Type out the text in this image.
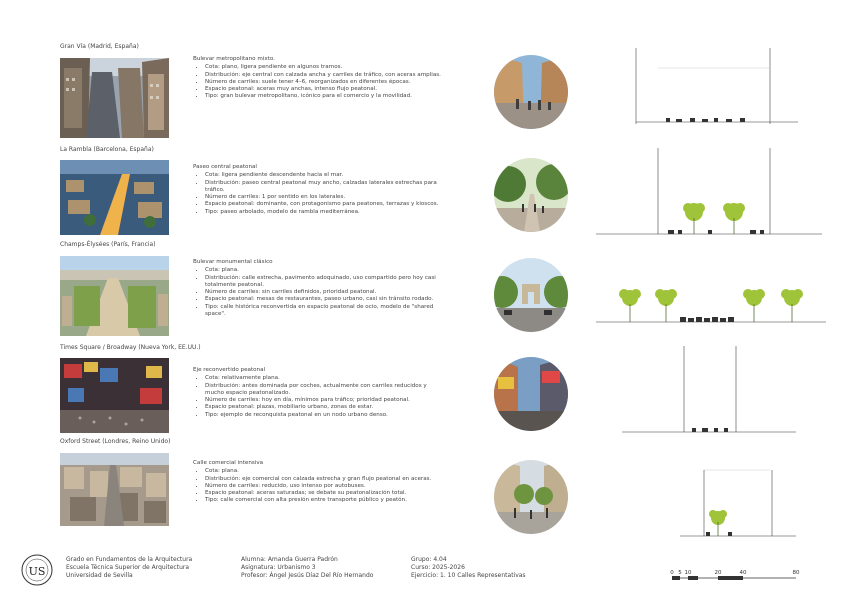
Gran Vía (Madrid, España)
Bulevar metropolitano mixto.
• Cota: plano, ligera pendiente en algunos tramos.
• Distribución: eje central con calzada ancha y carriles de tráfico, con aceras amplias.
• Número de carriles: suele tener 4–6, reorganizados en diferentes épocas.
• Espacio peatonal: aceras muy anchas, intenso flujo peatonal.
• Tipo: gran bulevar metropolitano, icónico para el comercio y la movilidad.
La Rambla (Barcelona, España)
Paseo central peatonal
• Cota: ligera pendiente descendente hacia el mar.
• Distribución: paseo central peatonal muy ancho, calzadas laterales estrechas para tráfico.
• Número de carriles: 1 por sentido en los laterales.
• Espacio peatonal: dominante, con protagonismo para peatones, terrazas y kioscos.
• Tipo: paseo arbolado, modelo de rambla mediterránea.
Champs-Élysées (París, Francia)
Bulevar monumental clásico
• Cota: plana.
• Distribución: calle estrecha, pavimento adoquinado, uso compartido pero hoy casi totalmente peatonal.
• Número de carriles: sin carriles definidos, prioridad peatonal.
• Espacio peatonal: mesas de restaurantes, paseo urbano, casi sin tránsito rodado.
• Tipo: calle histórica reconvertida en espacio peatonal de ocio, modelo de "shared space".
Times Square / Broadway (Nueva York, EE.UU.)
Eje reconvertido peatonal
• Cota: relativamente plana.
• Distribución: antes dominada por coches, actualmente con carriles reducidos y mucho espacio peatonalizado.
• Número de carriles: hoy en día, mínimos para tráfico; prioridad peatonal.
• Espacio peatonal: plazas, mobiliario urbano, zonas de estar.
• Tipo: ejemplo de reconquista peatonal en un nodo urbano denso.
Oxford Street (Londres, Reino Unido)
Calle comercial intensiva
• Cota: plana.
• Distribución: eje comercial con calzada estrecha y gran flujo peatonal en aceras.
• Número de carriles: reducido, uso intenso por autobuses.
• Espacio peatonal: aceras saturadas; se debate su peatonalización total.
• Tipo: calle comercial con alta presión entre transporte público y peatón.
US
Grado en Fundamentos de la Arquitectura
Escuela Técnica Superior de Arquitectura
Universidad de Sevilla
Alumna: Amanda Guerra Padrón
Asignatura: Urbanismo 3
Profesor: Ángel Jesús Díaz Del Río Hernando
Grupo: 4.04
Curso: 2025-2026
Ejercicio: 1. 10 Calles Representativas	0 5 10	20	40	80
